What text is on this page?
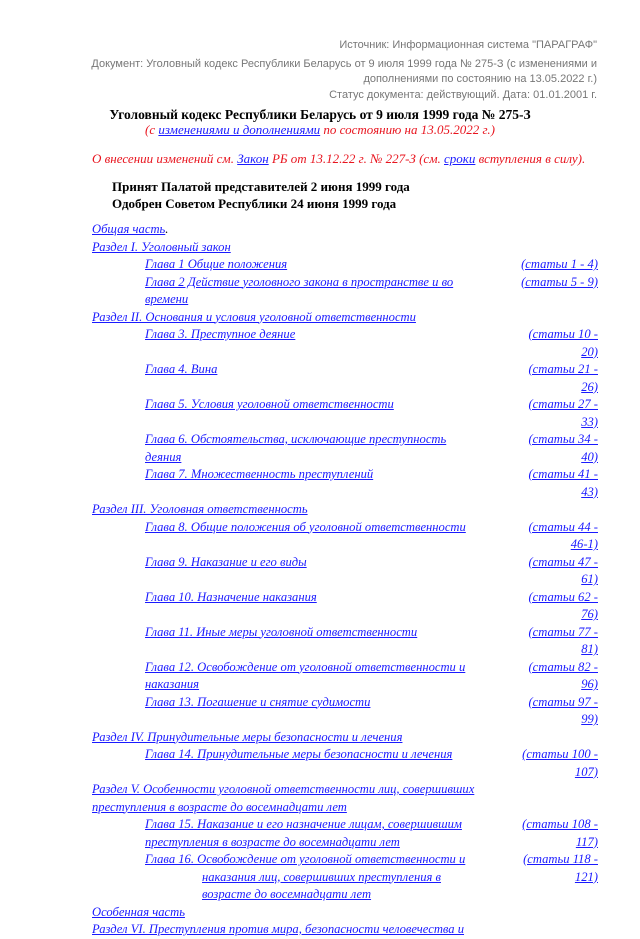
Источник: Информационная система "ПАРАГРАФ"
Документ: Уголовный кодекс Республики Беларусь от 9 июля 1999 года № 275-З (с изменениями и
дополнениями по состоянию на 13.05.2022 г.)
Статус документа: действующий. Дата: 01.01.2001 г.
Уголовный кодекс Республики Беларусь от 9 июля 1999 года № 275-З
(с изменениями и дополнениями по состоянию на 13.05.2022 г.)
О внесении изменений см. Закон РБ от 13.12.22 г. № 227-З (см. сроки вступления в силу).
Принят Палатой представителей 2 июня 1999 года
Одобрен Советом Республики 24 июня 1999 года
Общая часть.
Раздел I. Уголовный закон
Глава 1 Общие положения	(статьи 1 - 4)
Глава 2 Действие уголовного закона в пространстве и во времени
(статьи 5 - 9)
Раздел II. Основания и условия уголовной ответственности
Глава 3. Преступное деяние	(статьи 10 - 20)
Глава 4. Вина	(статьи 21 - 26)
Глава 5. Условия уголовной ответственности	(статьи 27 - 33)
Глава 6. Обстоятельства, исключающие преступность деяния
(статьи 34 - 40)
Глава 7. Множественность преступлений	(статьи 41 - 43)
Раздел III. Уголовная ответственность
Глава 8. Общие положения об уголовной ответственности	(статьи 44 - 46-1)
Глава 9. Наказание и его виды	(статьи 47 - 61)
Глава 10. Назначение наказания	(статьи 62 - 76)
Глава 11. Иные меры уголовной ответственности	(статьи 77 - 81)
Глава 12. Освобождение от уголовной ответственности и наказания
(статьи 82 - 96)
Глава 13. Погашение и снятие судимости	(статьи 97 - 99)
Раздел IV. Принудительные меры безопасности и лечения
Глава 14. Принудительные меры безопасности и лечения	(статьи 100 - 107)
Раздел V. Особенности уголовной ответственности лиц, совершивших преступления в возрасте до восемнадцати лет
Глава 15. Наказание и его назначение лицам, совершившим преступления в возрасте до восемнадцати лет
(статьи 108 - 117)
Глава 16. Освобождение от уголовной ответственности и наказания лиц, совершивших преступления в возрасте до восемнадцати лет
(статьи 118 - 121)
Особенная часть
Раздел VI. Преступления против мира, безопасности человечества и
